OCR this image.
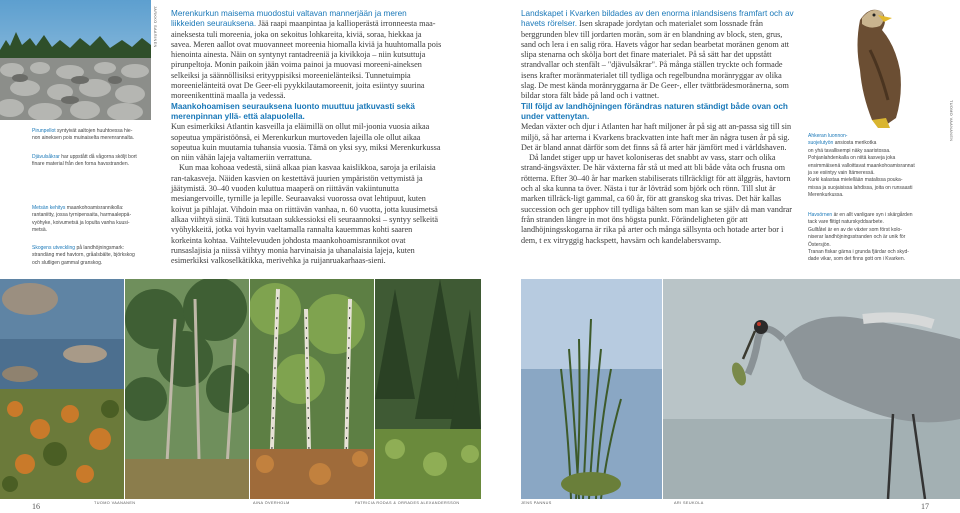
JARKKO SAARINEN
Pirunpellot syntyivät aaltojen huuhtoessa hie-
non aineksen pois muinaiselta merenrannalta.
Djävulsåkrar har uppstått då vågorna sköljt bort
finare material från den forna havsstranden.
Metsän kehitys maankohoamisrannikolla:
rantaniitty, jossa tyrnipensaita, harmaaleppä-
vyöhyke, koivumetsä ja lopulta vanha kuusi-
metsä.
Skogens utveckling på landhöjningsmark:
strandäng med havtorn, gråalsbälte, björkskog
och slutligen gammal granskog.
Merenkurkun maisema muodostui valtavan mannerjään ja meren liikkeiden seurauksena. Jää raapi maanpintaa ja kallioperästä irronneesta maa-aineksesta tuli moreenia, joka on sekoitus lohkareita, kiviä, soraa, hiekkaa ja savea. Meren aallot ovat muovanneet moreenia hiomalla kiviä ja huuhtomalla pois hienointa ainesta. Näin on syntynyt rantadreeniä ja kivikkoja – niin kutsuttuja pirunpeltoja. Monin paikoin jään voima painoi ja muovasi moreeni-aineksen selkeiksi ja säännöllisiksi erityyppisiksi moreenielänteiksi. Tunnetuimpia moreenielänteitä ovat De Geer-eli pyykkilautamoreenit, joita esiintyy suurina moreenikenttinä maalla ja vedessä.
Maankohoamisen seurauksena luonto muuttuu jatkuvasti sekä merenpinnan yllä- että alapuolella.
Kun esimerkiksi Atlantin kasveilla ja eläimillä on ollut mil-joonia vuosia aikaa sopeutua ympäristöönsä, ei Merenkurkun murtoveden lajeilla ole ollut aikaa sopeutua kuin muutamia tuhansia vuosia. Tämä on yksi syy, miksi Merenkurkussa on niin vähän lajeja valtameriin verrattuna.
Kun maa kohoaa vedestä, siinä alkaa pian kasvaa kaislikkoa, saroja ja erilaisia ran-takasveja. Näiden kasvien on kestettävä juurien ympäristön vettymistä ja jäätymistä. 30–40 vuoden kuluttua maaperä on riittävän vakiintunutta mesiangervoille, tyrnille ja lepille. Seuraavaksi vuorossa ovat lehtipuut, kuten koivut ja pihlajat. Vihdoin maa on riittävän vanhaa, n. 60 vuotta, jotta kuusimetsä alkaa viihtyä siinä. Tätä kutsutaan sukkessioksi eli seuraannoksi – syntyy selkeitä vyöhykkeitä, jotka voi hyvin vaeltamalla rannalta kauemmas kohti saaren korkeinta kohtaa. Vaihtelevuuden johdosta maankohoamisrannikot ovat runsaslajisia ja niissä viihtyy monia harvinaisia ja uhanalaisia lajeja, kuten esimerkiksi valkoselkätikka, merivehka ja ruijanruakarhaas-sieni.
TUOMO VAANANEN	AINA ÖVERHOLM	PATRICIA RODAS & ORRADES ALEXANDERSSON
16
Landskapet i Kvarken bildades av den enorma inlandsisens framfart och av havets rörelser. Isen skrapade jordytan och materialet som lossnade från berggrunden blev till jordarten morän, som är en blandning av block, sten, grus, sand och lera i en salig röra. Havets vågor har sedan bearbetat moränen genom att slipa stenarna och skölja bort det finare materialet. På så sätt har det uppstått strandvallar och stenfält – "djävulsåkrar". På många ställen tryckte och formade isens krafter moränmaterialet till tydliga och regelbundna moränryggar av olika slag. De mest kända moränryggarna är De Geer-, eller tvättbrädesmoränerna, som bildar stora fält både på land och i vattnet.
Till följd av landhöjningen förändras naturen ständigt både ovan och under vattenytan.
Medan växter och djur i Atlanten har haft miljoner år på sig att an-passa sig till sin miljö, så har arterna i Kvarkens brackvatten inte haft mer än några tusen år på sig. Det är bland annat därför som det finns så få arter här jämfört med i världshaven.
Då landet stiger upp ur havet koloniseras det snabbt av vass, starr och olika strand-ängsväxter. De här växterna får stå ut med att bli både våta och frusna om rötterna. Efter 30–40 år har marken stabiliserats tillräckligt för att älggräs, havtorn och al ska kunna ta över. Nästa i tur är lövträd som björk och rönn. Till slut är marken tillräck-ligt gammal, ca 60 år, för att granskog ska trivas. Det här kallas succession och ger upphov till tydliga bälten som man kan se själv då man vandrar från stranden längre in mot öns högsta punkt. Förändeligheten gör att landhöjningsskogarna är rika på arter och många sällsynta och hotade arter bor i dem, t ex vitryggig hackspett, havsärn och kandelabersvamp.
TUOMO VAANANEN
Ahkeran luonnon-
suojelutyön ansiosta merikotka
on yhä tavallisempi näky saaristossa.
Pohjanlahdenkalla on niitä kasveja joka
ensimmäisenä valloittavat maankohoamisrannat
ja se esiintyy vain Itämeressä.
Kurki kalastaa mielellään matalissa pouka-
missa ja suojaisissa lahdissa, joita on runsaasti
Merenkurkussa.
Havsörnen är en allt vanligare syn i skärgården
tack vare flitigt naturskyddsarbete.
Gulltåtel är en av de växter som först kolo-
niserar landhöjningsstranden och är unik för
Östersjön.
Tranan fiskar gärna i grunda fjärdar och skyd-
dade vikar, som det finns gott om i Kvarken.
JENS PANNUS	ARI SEUKOLA	17
